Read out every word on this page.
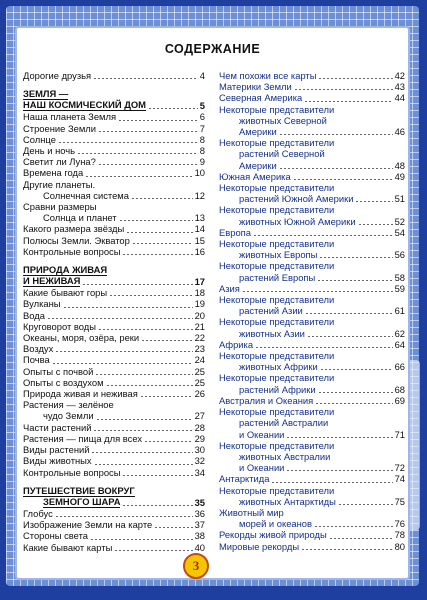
СОДЕРЖАНИЕ
Дорогие друзья	4
ЗЕМЛЯ —
НАШ КОСМИЧЕСКИЙ ДОМ	5
Наша планета Земля	6
Строение Земли	7
Солнце	8
День и ночь	8
Светит ли Луна?	9
Времена года	10
Другие планеты.
Солнечная система	12
Сравни размеры
Солнца и планет	13
Какого размера звёзды	14
Полюсы Земли. Экватор	15
Контрольные вопросы	16
ПРИРОДА ЖИВАЯ
И НЕЖИВАЯ	17
Какие бывают горы	18
Вулканы	19
Вода	20
Круговорот воды	21
Океаны, моря, озёра, реки	22
Воздух	23
Почва	24
Опыты с почвой	25
Опыты с воздухом	25
Природа живая и неживая	26
Растения — зелёное
чудо Земли	27
Части растений	28
Растения — пища для всех	29
Виды растений	30
Виды животных	32
Контрольные вопросы	34
ПУТЕШЕСТВИЕ ВОКРУГ
ЗЕМНОГО ШАРА	35
Глобус	36
Изображение Земли на карте	37
Стороны света	38
Какие бывают карты	40
Чем похожи все карты	42
Материки Земли	43
Северная Америка	44
Некоторые представители
животных Северной
Америки	46
Некоторые представители
растений Северной
Америки	48
Южная Америка	49
Некоторые представители
растений Южной Америки	51
Некоторые представители
животных Южной Америки	52
Европа	54
Некоторые представители
животных Европы	56
Некоторые представители
растений Европы	58
Азия	59
Некоторые представители
растений Азии	61
Некоторые представители
животных Азии	62
Африка	64
Некоторые представители
животных Африки	66
Некоторые представители
растений Африки	68
Австралия и Океания	69
Некоторые представители
растений Австралии
и Океании	71
Некоторые представители
животных Австралии
и Океании	72
Антарктида	74
Некоторые представители
животных Антарктиды	75
Животный мир
морей и океанов	76
Рекорды живой природы	78
Мировые рекорды	80
3
